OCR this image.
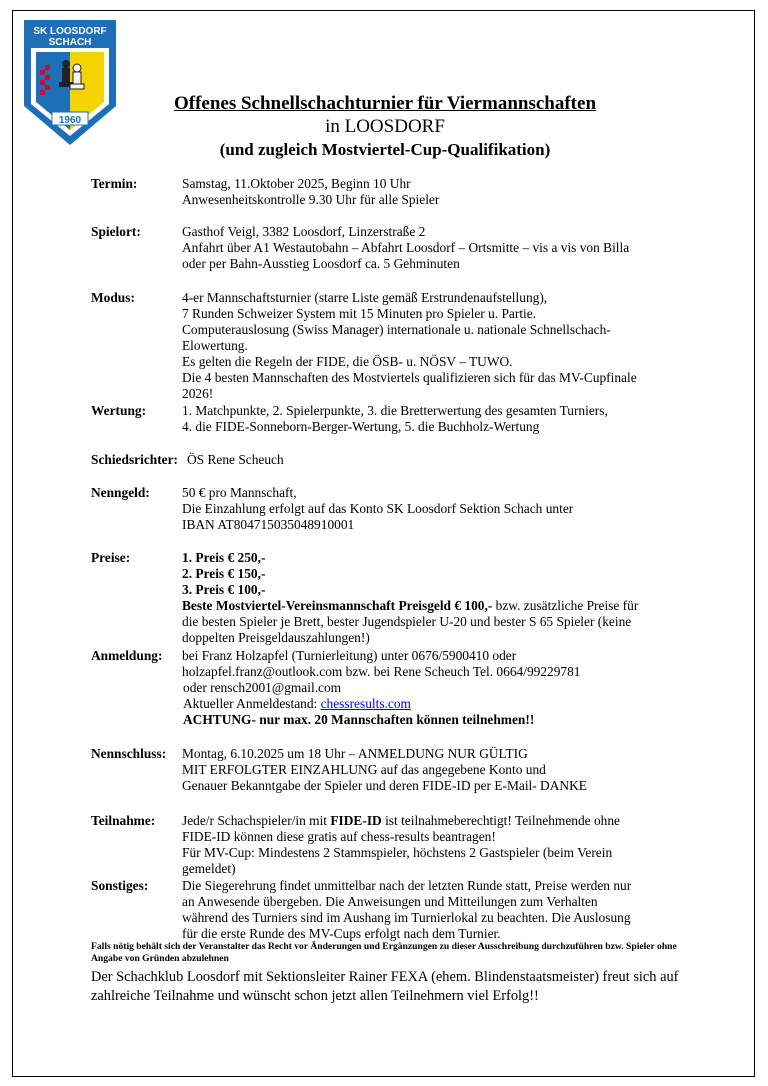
SK LOOSDORF
SCHACH
1960
Offenes Schnellschachturnier für Viermannschaften
in LOOSDORF
(und zugleich Mostviertel-Cup-Qualifikation)
Termin:	Samstag, 11.Oktober 2025, Beginn 10 Uhr
Anwesenheitskontrolle 9.30 Uhr für alle Spieler
Spielort:	Gasthof Veigl, 3382 Loosdorf, Linzerstraße 2
Anfahrt über A1 Westautobahn – Abfahrt Loosdorf – Ortsmitte – vis a vis von Billa
oder per Bahn-Ausstieg Loosdorf ca. 5 Gehminuten
Modus:	4-er Mannschaftsturnier (starre Liste gemäß Erstrundenaufstellung),
7 Runden Schweizer System mit 15 Minuten pro Spieler u. Partie.
Computerauslosung (Swiss Manager) internationale u. nationale Schnellschach-
Elowertung.
Es gelten die Regeln der FIDE, die ÖSB- u. NÖSV – TUWO.
Die 4 besten Mannschaften des Mostviertels qualifizieren sich für das MV-Cupfinale
2026!
Wertung:	1. Matchpunkte, 2. Spielerpunkte, 3. die Bretterwertung des gesamten Turniers,
4. die FIDE-Sonneborn-Berger-Wertung, 5. die Buchholz-Wertung
Schiedsrichter: ÖS Rene Scheuch
Nenngeld: 50 € pro Mannschaft,
Die Einzahlung erfolgt auf das Konto SK Loosdorf Sektion Schach unter
IBAN AT804715035048910001
Preise:	1. Preis € 250,-
2. Preis € 150,-
3. Preis € 100,-
Beste Mostviertel-Vereinsmannschaft Preisgeld € 100,- bzw. zusätzliche Preise für
die besten Spieler je Brett, bester Jugendspieler U-20 und bester S 65 Spieler (keine
doppelten Preisgeldauszahlungen!)
Anmeldung: bei Franz Holzapfel (Turnierleitung) unter 0676/5900410 oder
holzapfel.franz@outlook.com bzw. bei Rene Scheuch Tel. 0664/99229781
oder rensch2001@gmail.com
Aktueller Anmeldestand: chessresults.com
ACHTUNG- nur max. 20 Mannschaften können teilnehmen!!
Nennschluss: Montag, 6.10.2025 um 18 Uhr – ANMELDUNG NUR GÜLTIG
MIT ERFOLGTER EINZAHLUNG auf das angegebene Konto und
Genauer Bekanntgabe der Spieler und deren FIDE-ID per E-Mail- DANKE
Teilnahme: Jede/r Schachspieler/in mit FIDE-ID ist teilnahmeberechtigt! Teilnehmende ohne
FIDE-ID können diese gratis auf chess-results beantragen!
Für MV-Cup: Mindestens 2 Stammspieler, höchstens 2 Gastspieler (beim Verein
gemeldet)
Sonstiges:	Die Siegerehrung findet unmittelbar nach der letzten Runde statt, Preise werden nur
an Anwesende übergeben. Die Anweisungen und Mitteilungen zum Verhalten
während des Turniers sind im Aushang im Turnierlokal zu beachten. Die Auslosung
für die erste Runde des MV-Cups erfolgt nach dem Turnier.
Falls nötig behält sich der Veranstalter das Recht vor Änderungen und Ergänzungen zu dieser Ausschreibung durchzuführen bzw. Spieler ohne Angabe von Gründen abzulehnen
Der Schachklub Loosdorf mit Sektionsleiter Rainer FEXA (ehem. Blindenstaatsmeister) freut sich auf zahlreiche Teilnahme und wünscht schon jetzt allen Teilnehmern viel Erfolg!!
